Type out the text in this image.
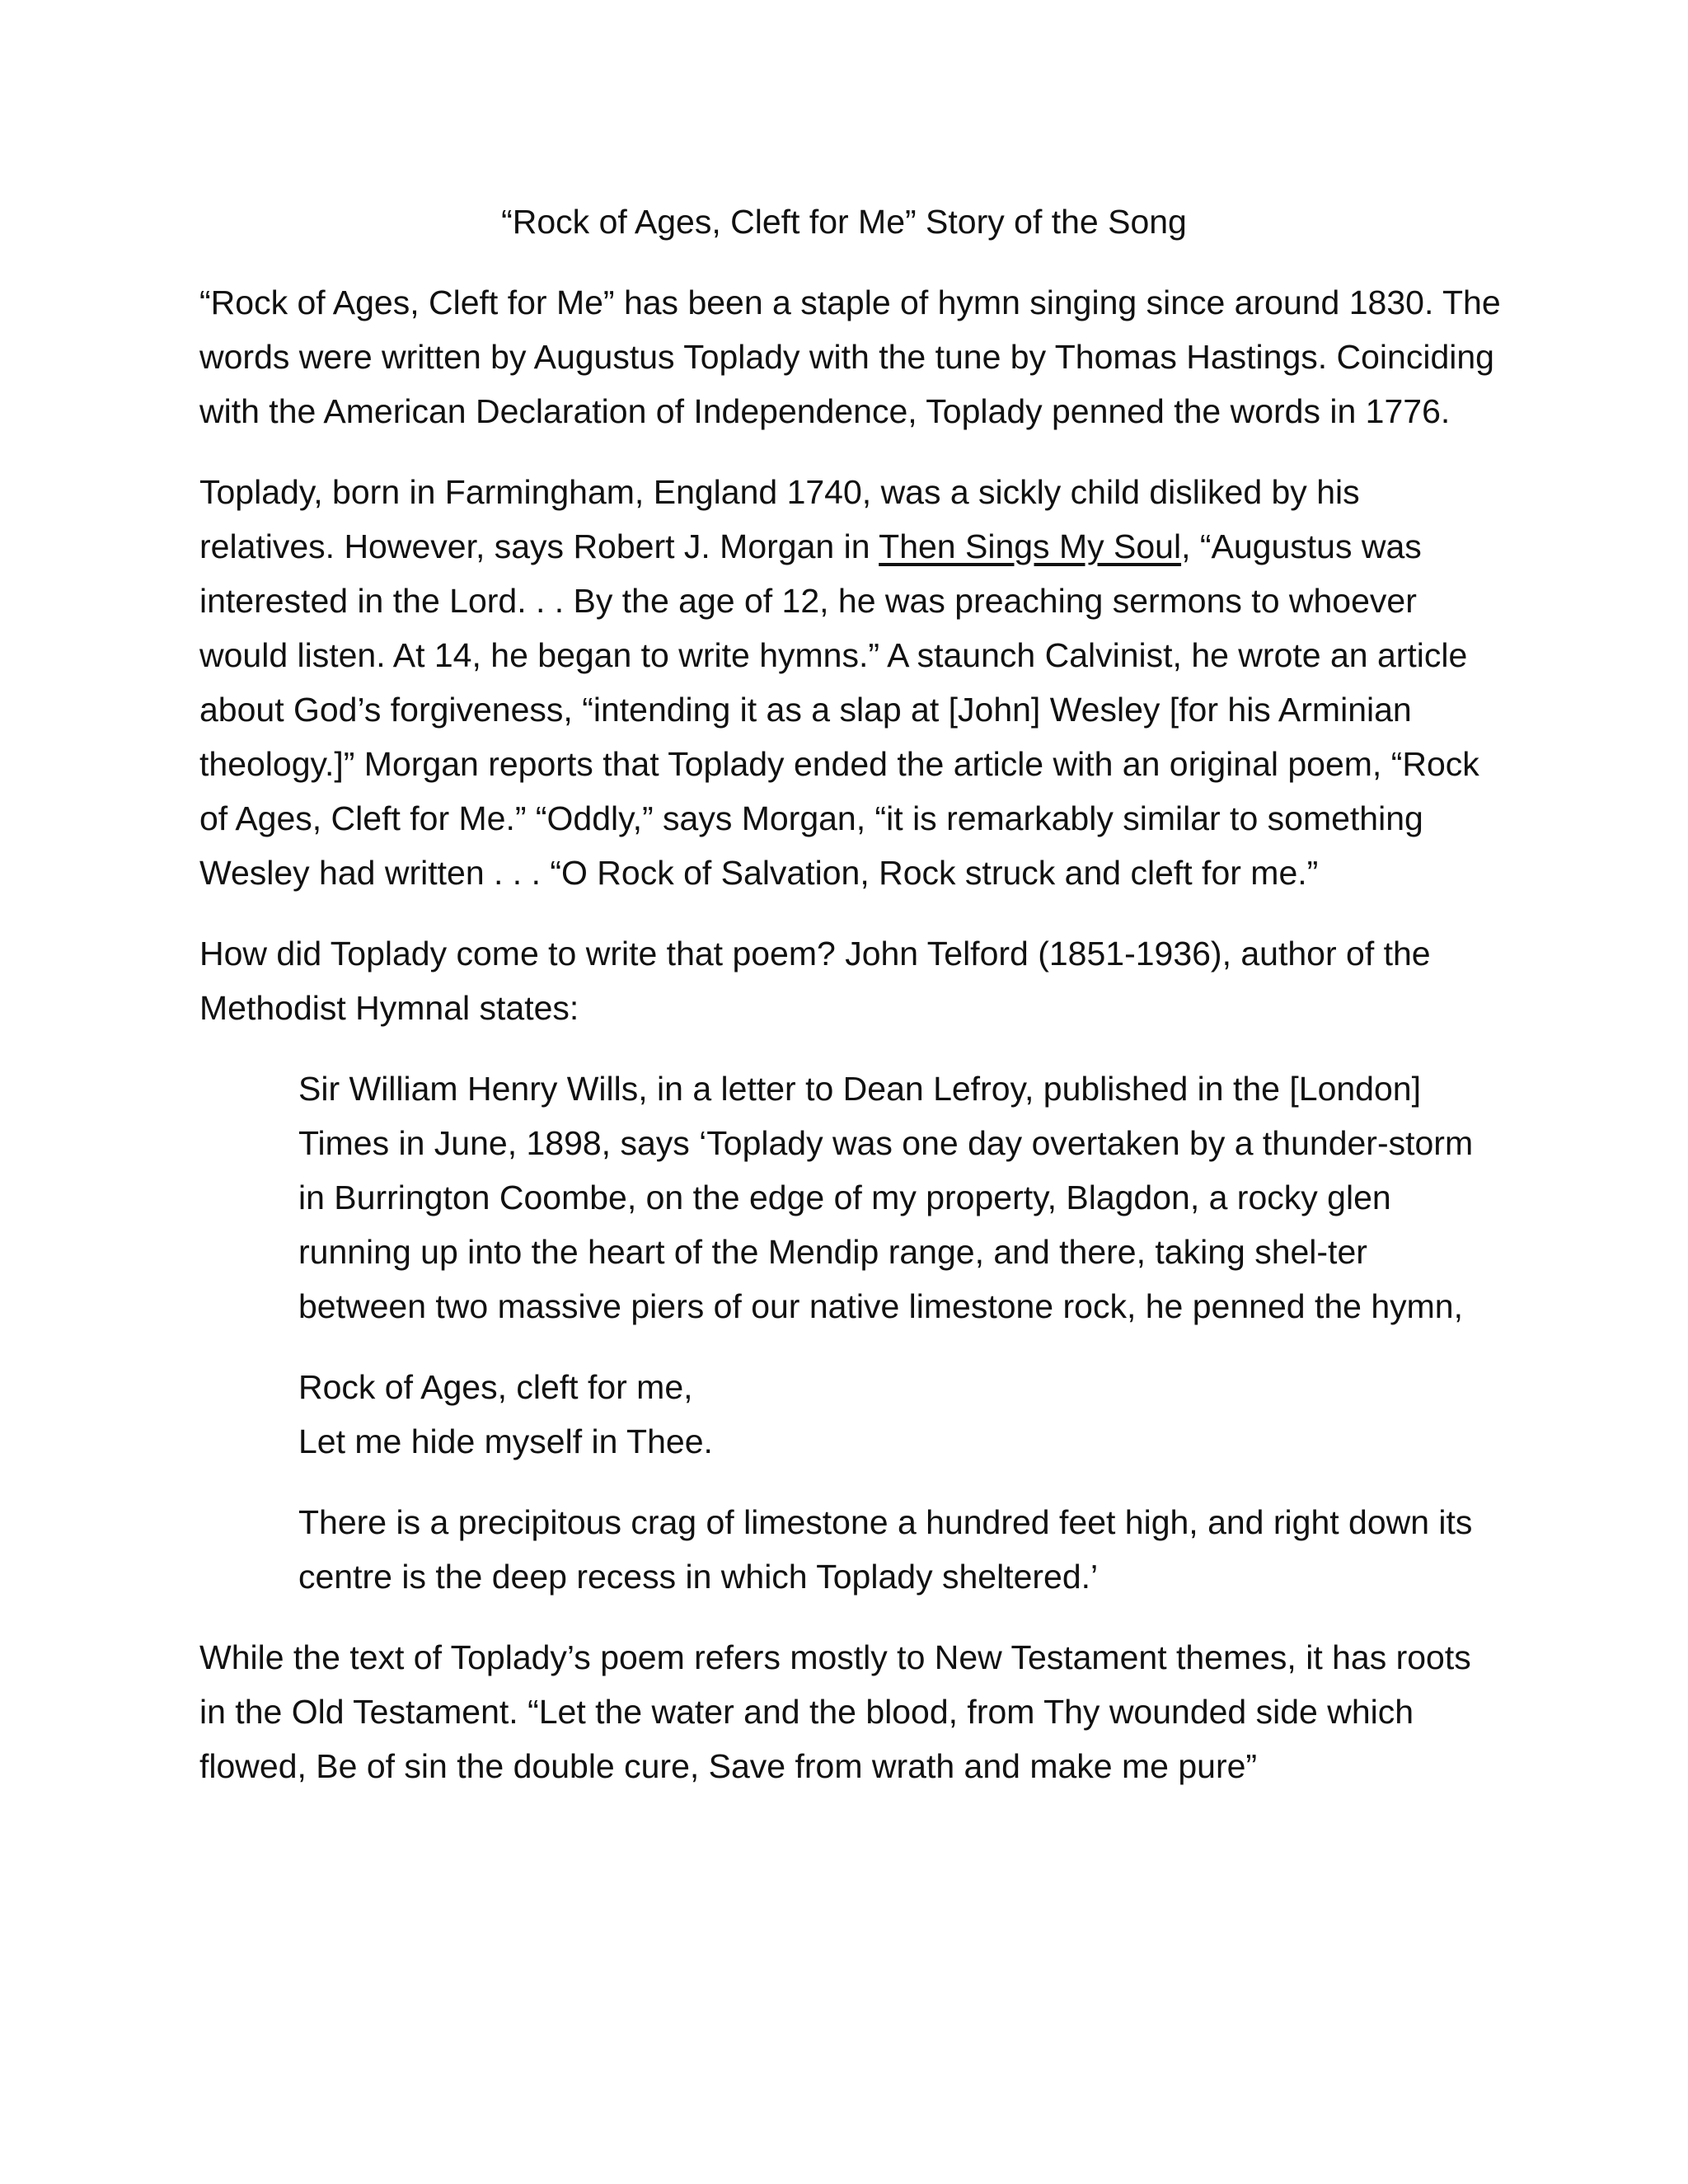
“Rock of Ages, Cleft for Me” Story of the Song

“Rock of Ages, Cleft for Me” has been a staple of hymn singing since around 1830. The words were written by Augustus Toplady with the tune by Thomas Hastings. Coinciding with the American Declaration of Independence, Toplady penned the words in 1776.

Toplady, born in Farmingham, England 1740, was a sickly child disliked by his relatives. However, says Robert J. Morgan in Then Sings My Soul, “Augustus was interested in the Lord. . . By the age of 12, he was preaching sermons to whoever would listen. At 14, he began to write hymns.” A staunch Calvinist, he wrote an article about God’s forgiveness, “intending it as a slap at [John] Wesley [for his Arminian theology.]” Morgan reports that Toplady ended the article with an original poem, “Rock of Ages, Cleft for Me.” “Oddly,” says Morgan, “it is remarkably similar to something Wesley had written . . . “O Rock of Salvation, Rock struck and cleft for me.”

How did Toplady come to write that poem? John Telford (1851-1936), author of the Methodist Hymnal states:

Sir William Henry Wills, in a letter to Dean Lefroy, published in the [London] Times in June, 1898, says ‘Toplady was one day overtaken by a thunder-storm in Burrington Coombe, on the edge of my property, Blagdon, a rocky glen running up into the heart of the Mendip range, and there, taking shel-ter between two massive piers of our native limestone rock, he penned the hymn,

Rock of Ages, cleft for me,
Let me hide myself in Thee.

There is a precipitous crag of limestone a hundred feet high, and right down its centre is the deep recess in which Toplady sheltered.’

While the text of Toplady’s poem refers mostly to New Testament themes, it has roots in the Old Testament. “Let the water and the blood, from Thy wounded side which flowed, Be of sin the double cure, Save from wrath and make me pure”
